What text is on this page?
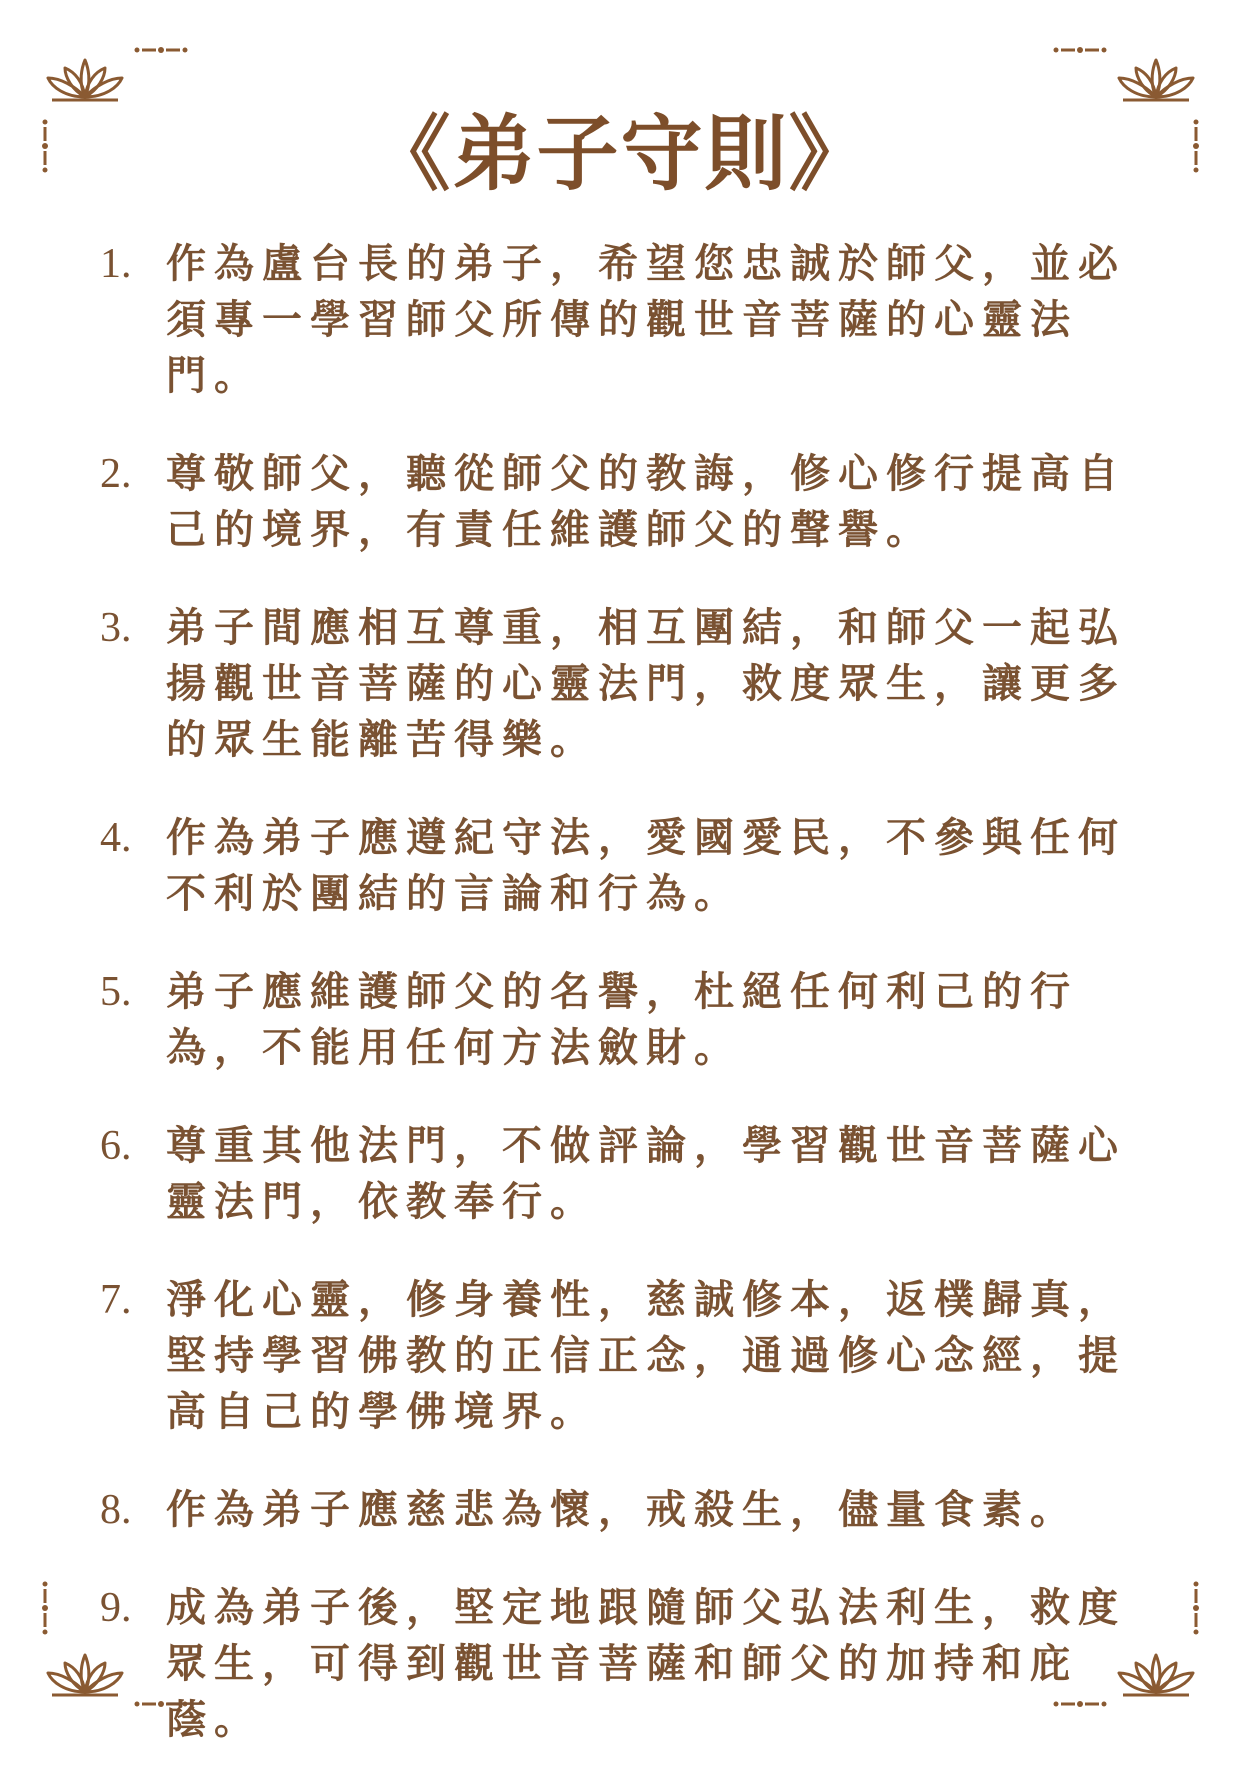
《弟子守則》
1. 作為盧台長的弟子，希望您忠誠於師父，並必須專一學習師父所傳的觀世音菩薩的心靈法門。
2. 尊敬師父，聽從師父的教誨，修心修行提高自己的境界，有責任維護師父的聲譽。
3. 弟子間應相互尊重，相互團結，和師父一起弘揚觀世音菩薩的心靈法門，救度眾生，讓更多的眾生能離苦得樂。
4. 作為弟子應遵紀守法，愛國愛民，不參與任何不利於團結的言論和行為。
5. 弟子應維護師父的名譽，杜絕任何利己的行為，不能用任何方法斂財。
6. 尊重其他法門，不做評論，學習觀世音菩薩心靈法門，依教奉行。
7. 淨化心靈，修身養性，慈誠修本，返樸歸真，堅持學習佛教的正信正念，通過修心念經，提高自己的學佛境界。
8. 作為弟子應慈悲為懷，戒殺生，儘量食素。
9. 成為弟子後，堅定地跟隨師父弘法利生，救度眾生，可得到觀世音菩薩和師父的加持和庇蔭。
